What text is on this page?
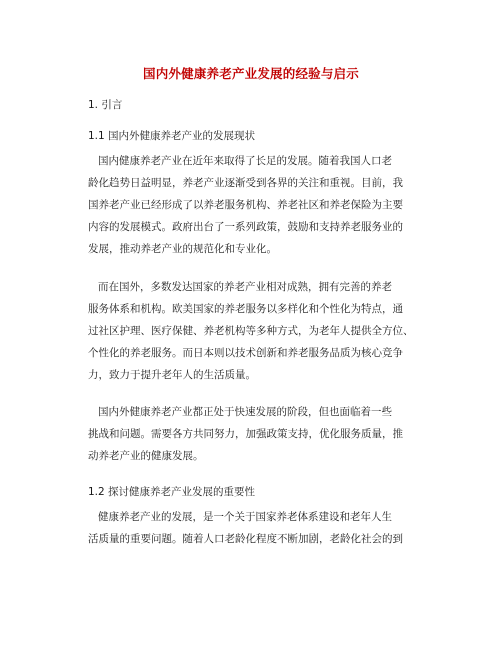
国内外健康养老产业发展的经验与启示
1. 引言
1.1 国内外健康养老产业的发展现状
国内健康养老产业在近年来取得了长足的发展。随着我国人口老
龄化趋势日益明显，养老产业逐渐受到各界的关注和重视。目前，我
国养老产业已经形成了以养老服务机构、养老社区和养老保险为主要
内容的发展模式。政府出台了一系列政策，鼓励和支持养老服务业的
发展，推动养老产业的规范化和专业化。
而在国外，多数发达国家的养老产业相对成熟，拥有完善的养老
服务体系和机构。欧美国家的养老服务以多样化和个性化为特点，通
过社区护理、医疗保健、养老机构等多种方式，为老年人提供全方位、
个性化的养老服务。而日本则以技术创新和养老服务品质为核心竞争
力，致力于提升老年人的生活质量。
国内外健康养老产业都正处于快速发展的阶段，但也面临着一些
挑战和问题。需要各方共同努力，加强政策支持，优化服务质量，推
动养老产业的健康发展。
1.2 探讨健康养老产业发展的重要性
健康养老产业的发展，是一个关于国家养老体系建设和老年人生
活质量的重要问题。随着人口老龄化程度不断加剧，老龄化社会的到
